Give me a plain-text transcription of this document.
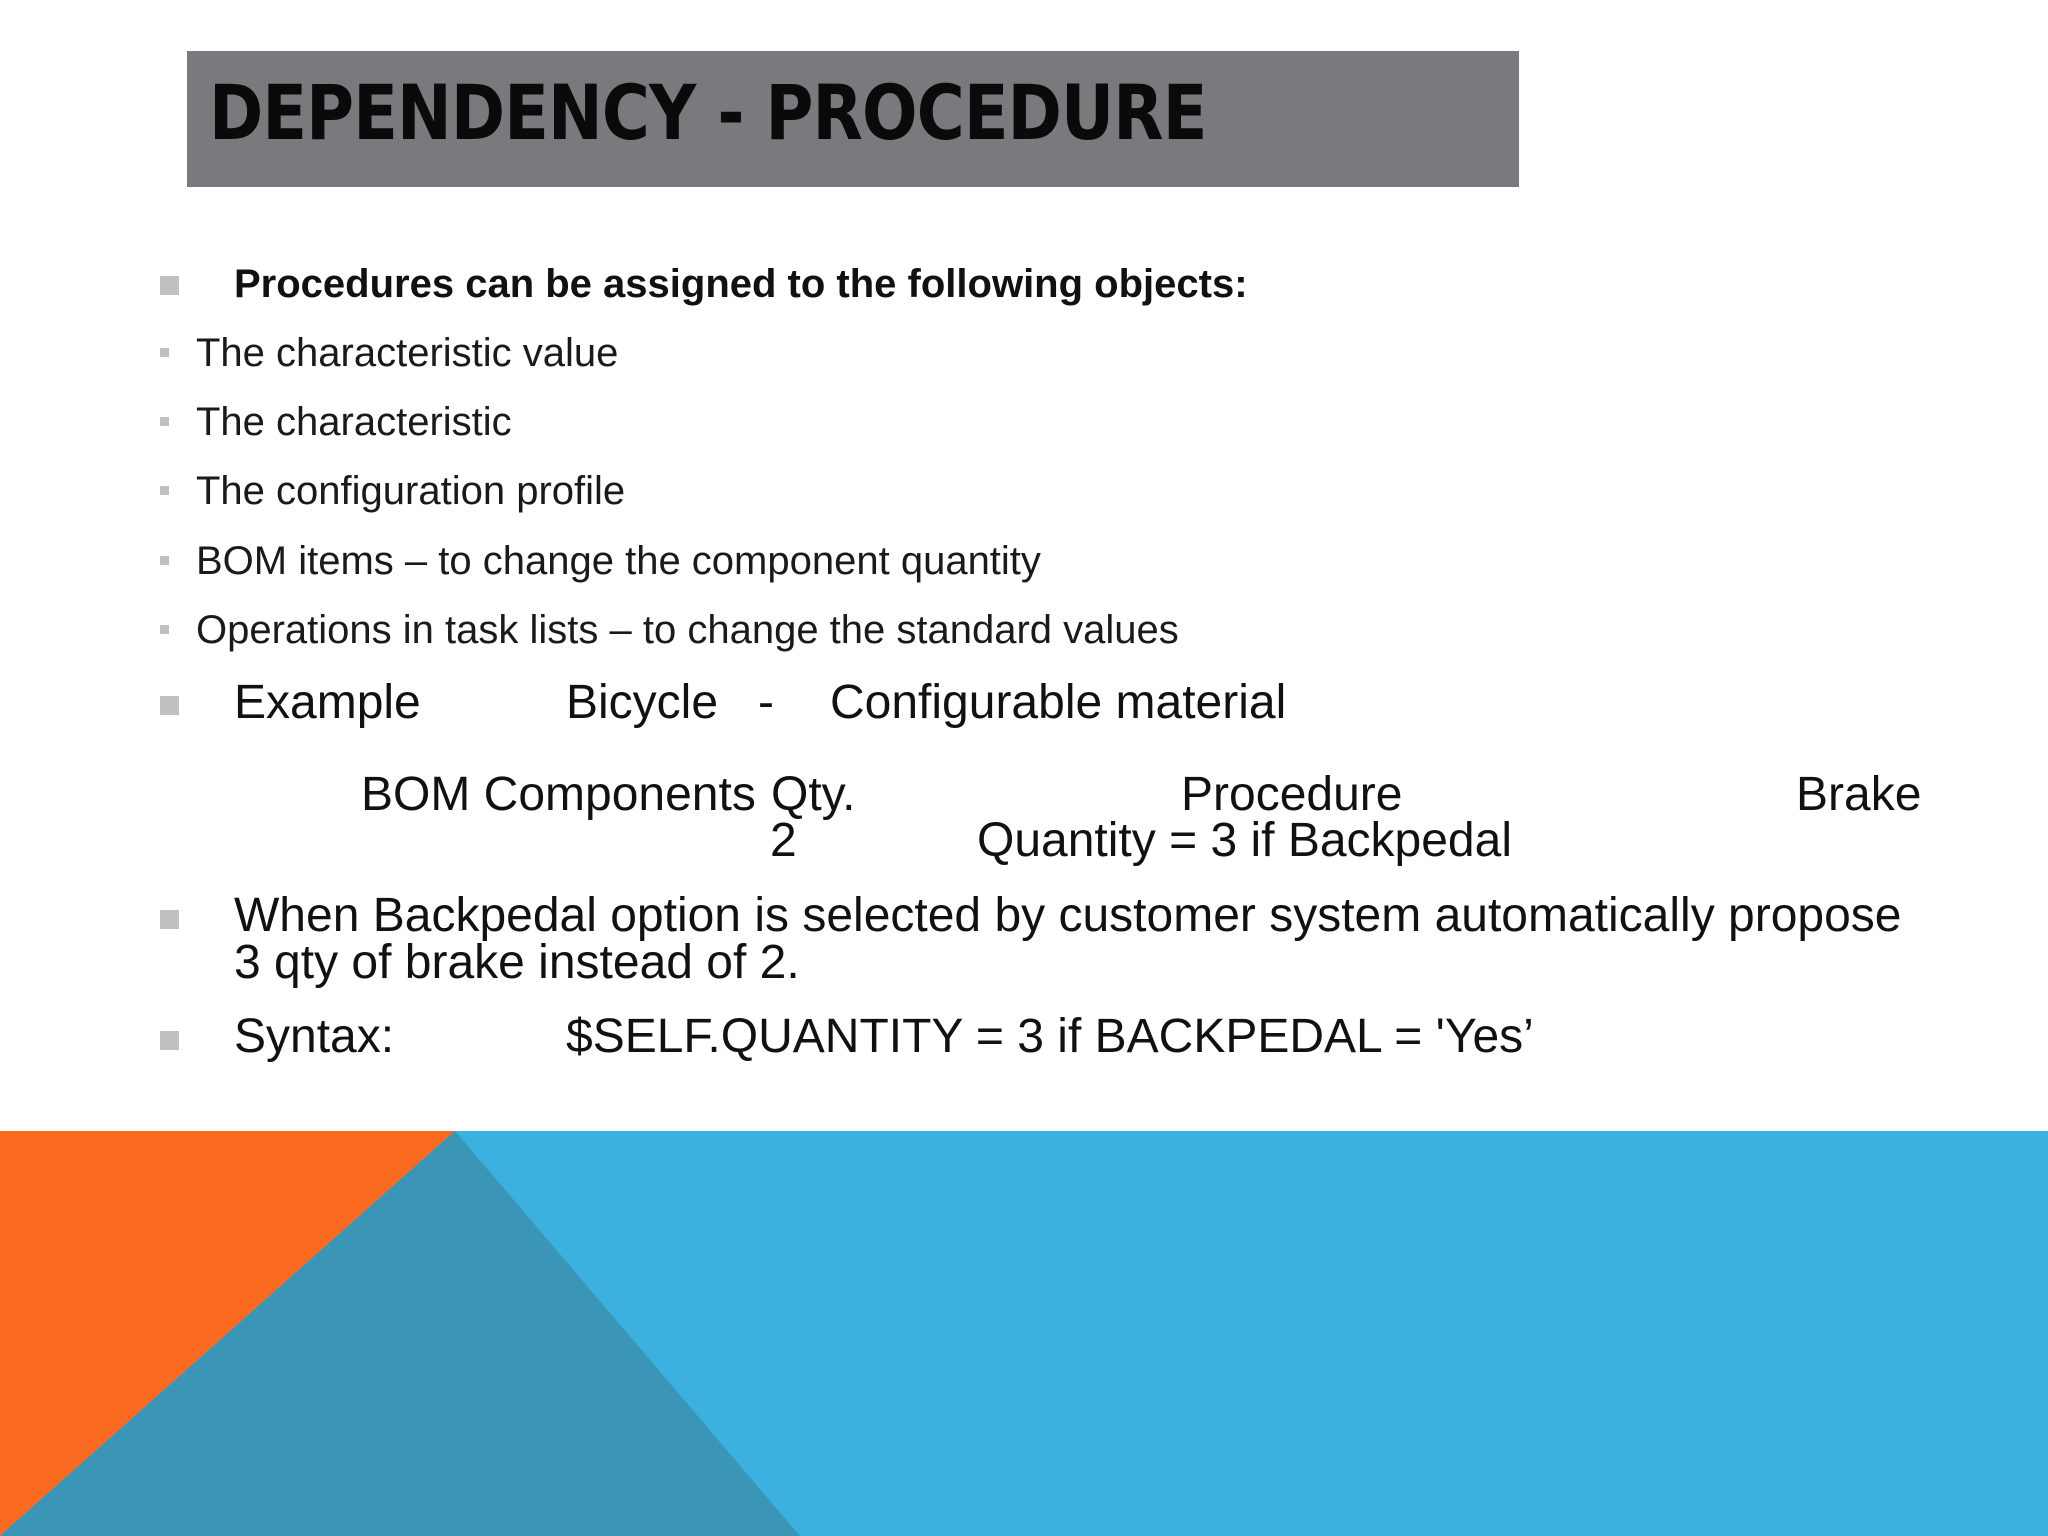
DEPENDENCY - PROCEDURE
Procedures can be assigned to the following objects:
The characteristic value
The characteristic
The configuration profile
BOM items – to change the component quantity
Operations in task lists – to change the standard values
Example	Bicycle - Configurable material
BOM Components Qty.	Procedure	Brake
2	Quantity = 3 if Backpedal
When Backpedal option is selected by customer system automatically propose
3 qty of brake instead of 2.
Syntax:	$SELF.QUANTITY = 3 if BACKPEDAL = 'Yes’
